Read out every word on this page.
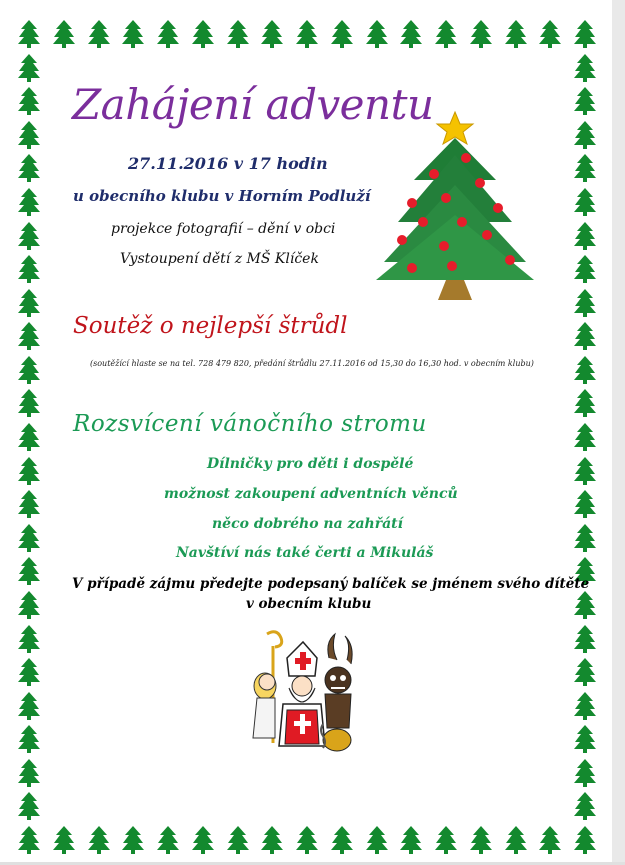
Zahájení adventu

27.11.2016 v 17 hodin

u obecního klubu v Horním Podluží

projekce fotografií – dění v obci

Vystoupení dětí z MŠ Klíček

Soutěž o nejlepší štrůdl

(soutěžící hlaste se na tel. 728 479 820, předání štrůdlu 27.11.2016 od 15,30 do 16,30 hod. v obecním klubu)

Rozsvícení vánočního stromu

Dílničky pro děti i dospělé

možnost zakoupení adventních věnců

něco dobrého na zahřátí

Navštíví nás také čerti a Mikuláš

V případě zájmu předejte podepsaný balíček se jménem svého dítěte

v obecním klubu
